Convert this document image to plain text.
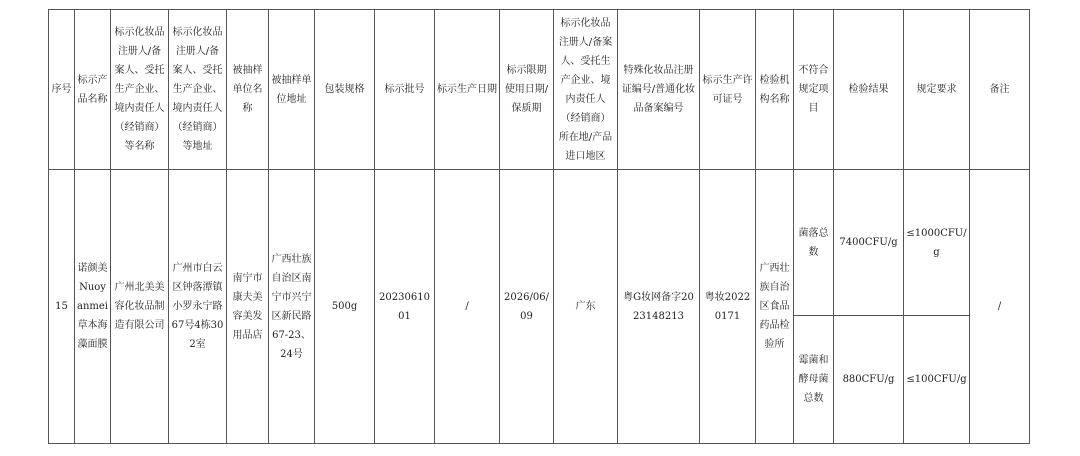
序号	标示产品名称	标示化妆品注册人/备案人、受托生产企业、境内责任人（经销商）等名称	标示化妆品注册人/备案人、受托生产企业、境内责任人（经销商）等地址	被抽样单位名称	被抽样单位地址	包装规格	标示批号	标示生产日期	标示限期使用日期/保质期	标示化妆品注册人/备案人、受托生产企业、境内责任人（经销商）所在地/产品进口地区	特殊化妆品注册证编号/普通化妆品备案编号	标示生产许可证号	检验机构名称	不符合规定项目	检验结果	规定要求	备注
15	诺颜美Nuoyanmei草本海藻面膜	广州北美美容化妆品制造有限公司	广州市白云区钟落潭镇小罗永宁路67号4栋302室	南宁市康夫美容美发用品店	广西壮族自治区南宁市兴宁区新民路67-23、24号	500g	2023061001	/	2026/06/09	广东	粤G妆网备字2023148213	粤妆20220171	广西壮族自治区食品药品检验所	菌落总数	7400CFU/g	≤1000CFU/g	/
														霉菌和酵母菌总数	880CFU/g	≤100CFU/g	
